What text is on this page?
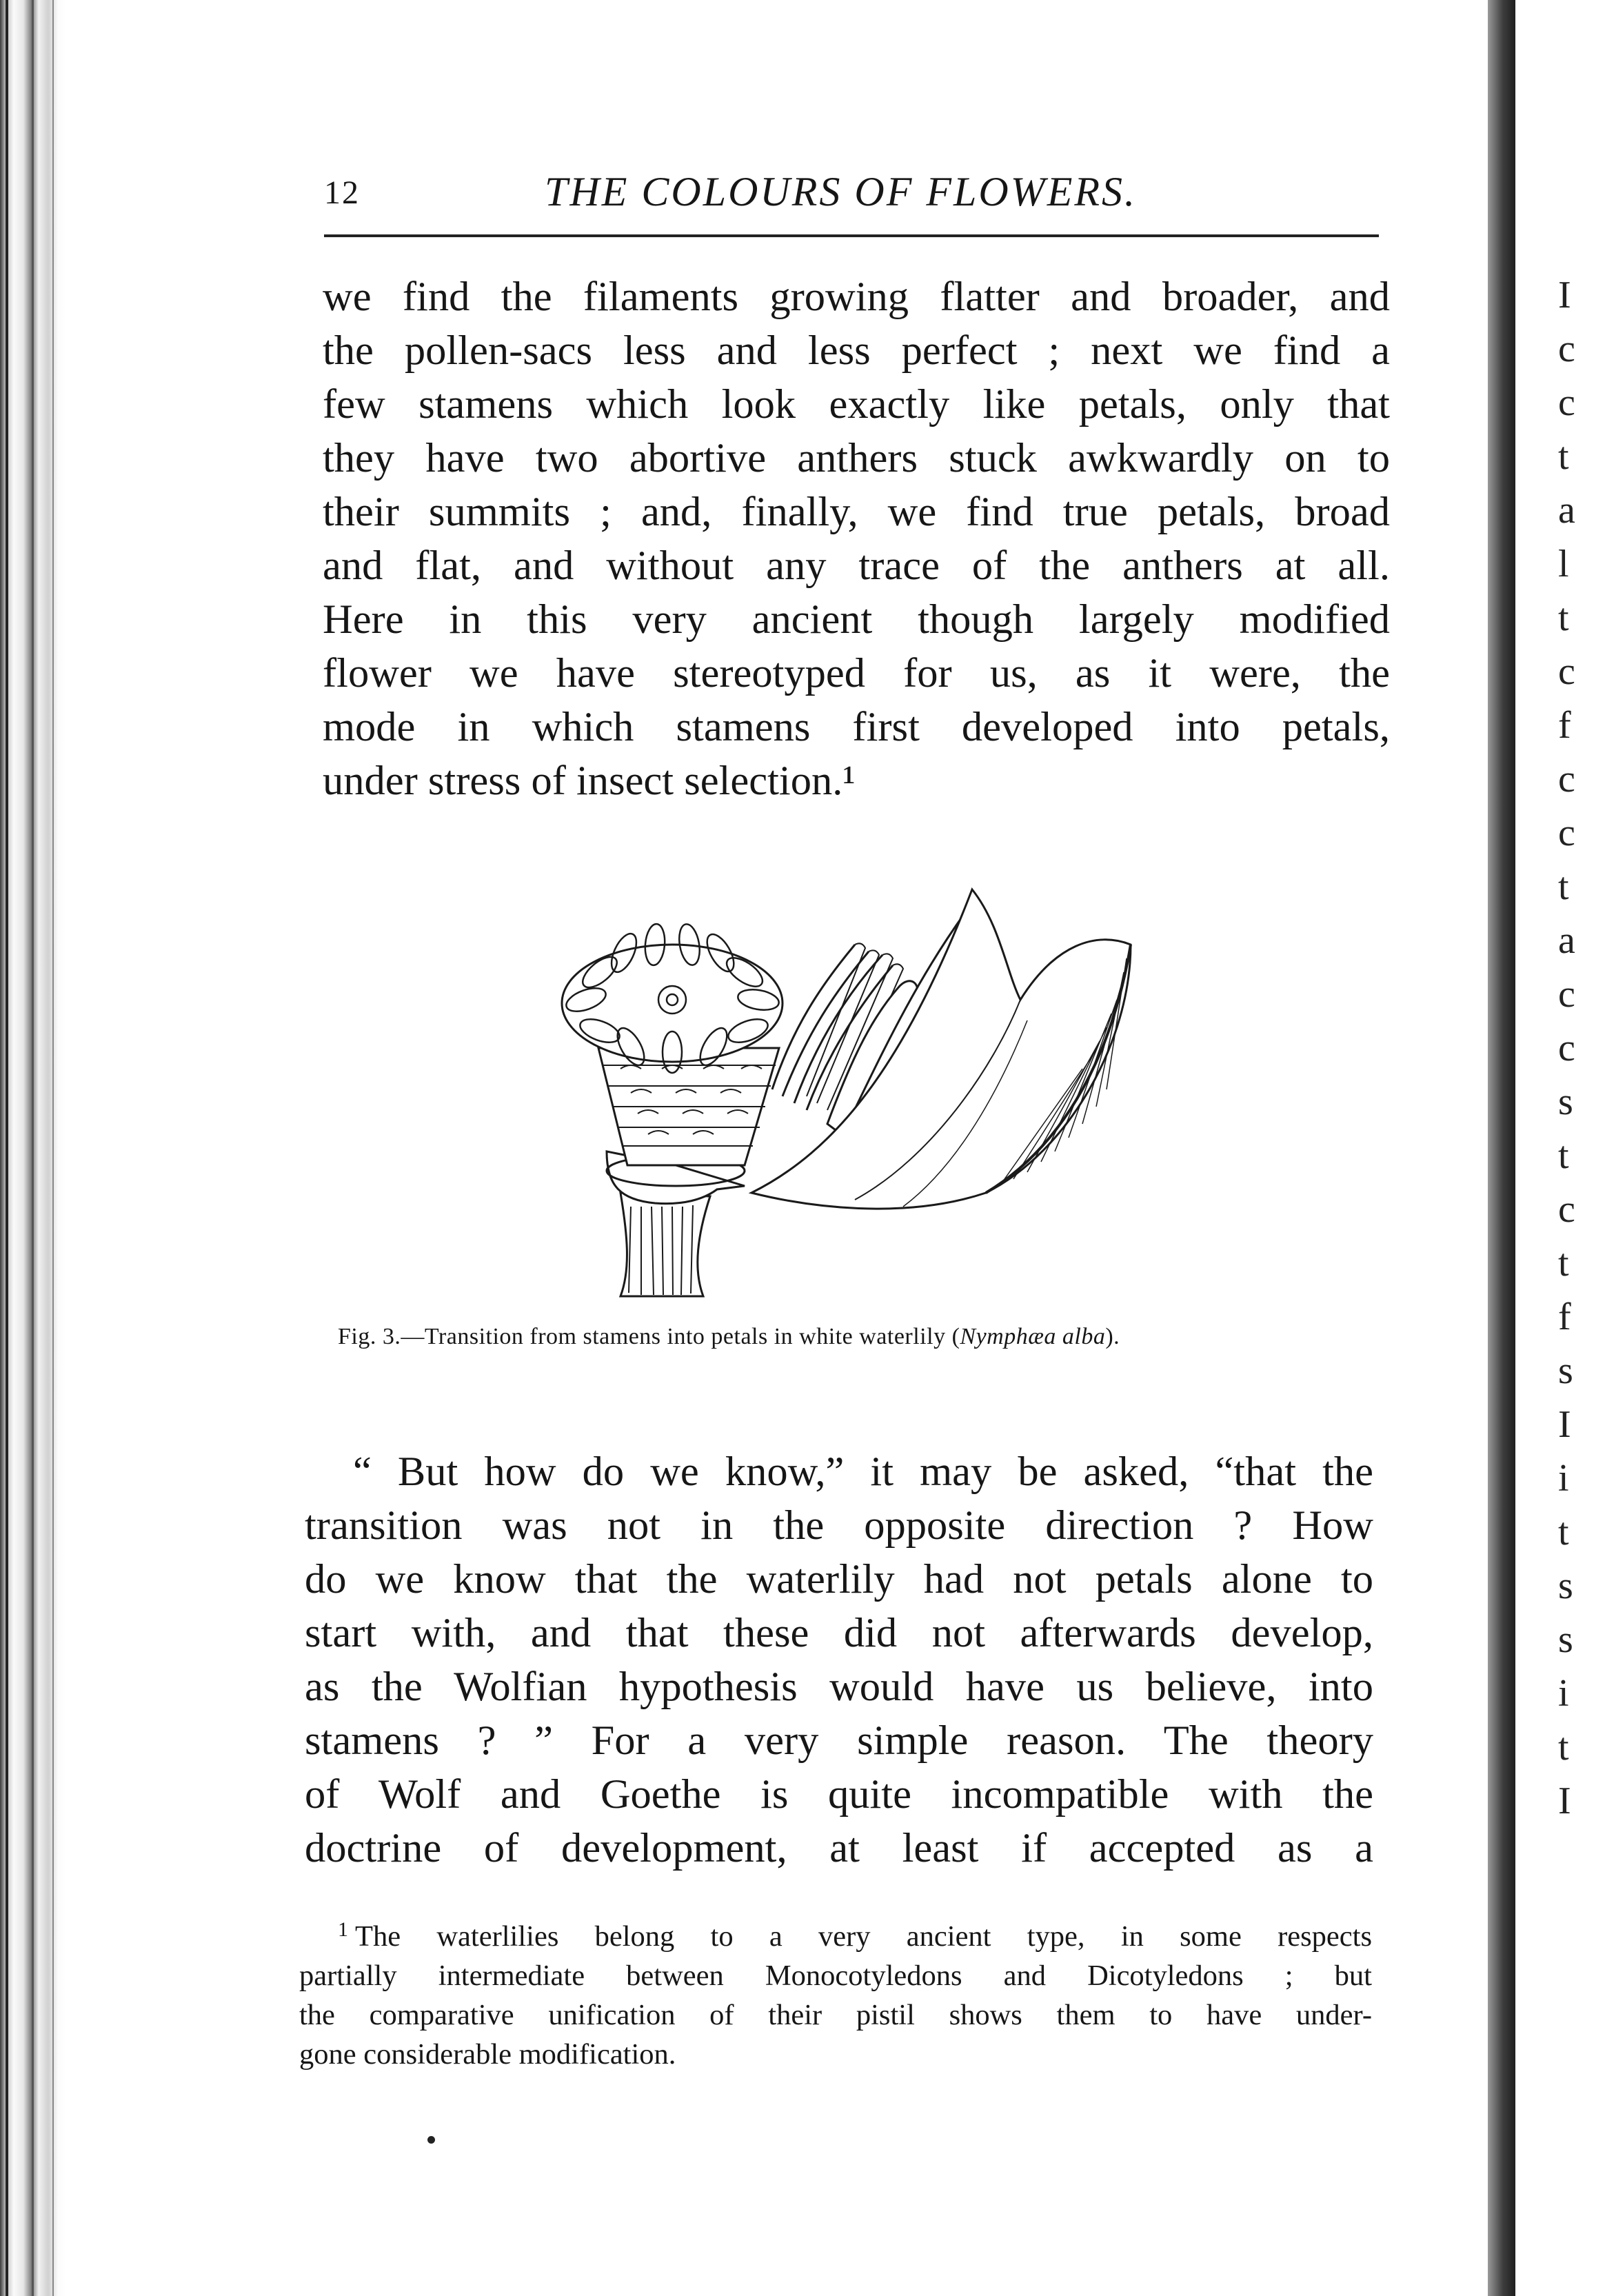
I
c
c
t
a
l
t
c
f
c
c
t
a
c
c
s
t
c
t
f
s
I
i
t
s
s
i
t
I
12	THE COLOURS OF FLOWERS.
we find the filaments growing flatter and broader, and
the pollen-sacs less and less perfect ; next we find a
few stamens which look exactly like petals, only that
they have two abortive anthers stuck awkwardly on to
their summits ; and, finally, we find true petals, broad
and flat, and without any trace of the anthers at all.
Here in this very ancient though largely modified
flower we have stereotyped for us, as it were, the
mode in which stamens first developed into petals,
under stress of insect selection.¹
Fig. 3.—Transition from stamens into petals in white waterlily (Nymphæa alba).
“ But how do we know,” it may be asked, “that the
transition was not in the opposite direction ? How
do we know that the waterlily had not petals alone to
start with, and that these did not afterwards develop,
as the Wolfian hypothesis would have us believe, into
stamens ? ” For a very simple reason. The theory
of Wolf and Goethe is quite incompatible with the
doctrine of development, at least if accepted as a
$^1$ The waterlilies belong to a very ancient type, in some respects
partially intermediate between Monocotyledons and Dicotyledons ; but
the comparative unification of their pistil shows them to have under-
gone considerable modification.
